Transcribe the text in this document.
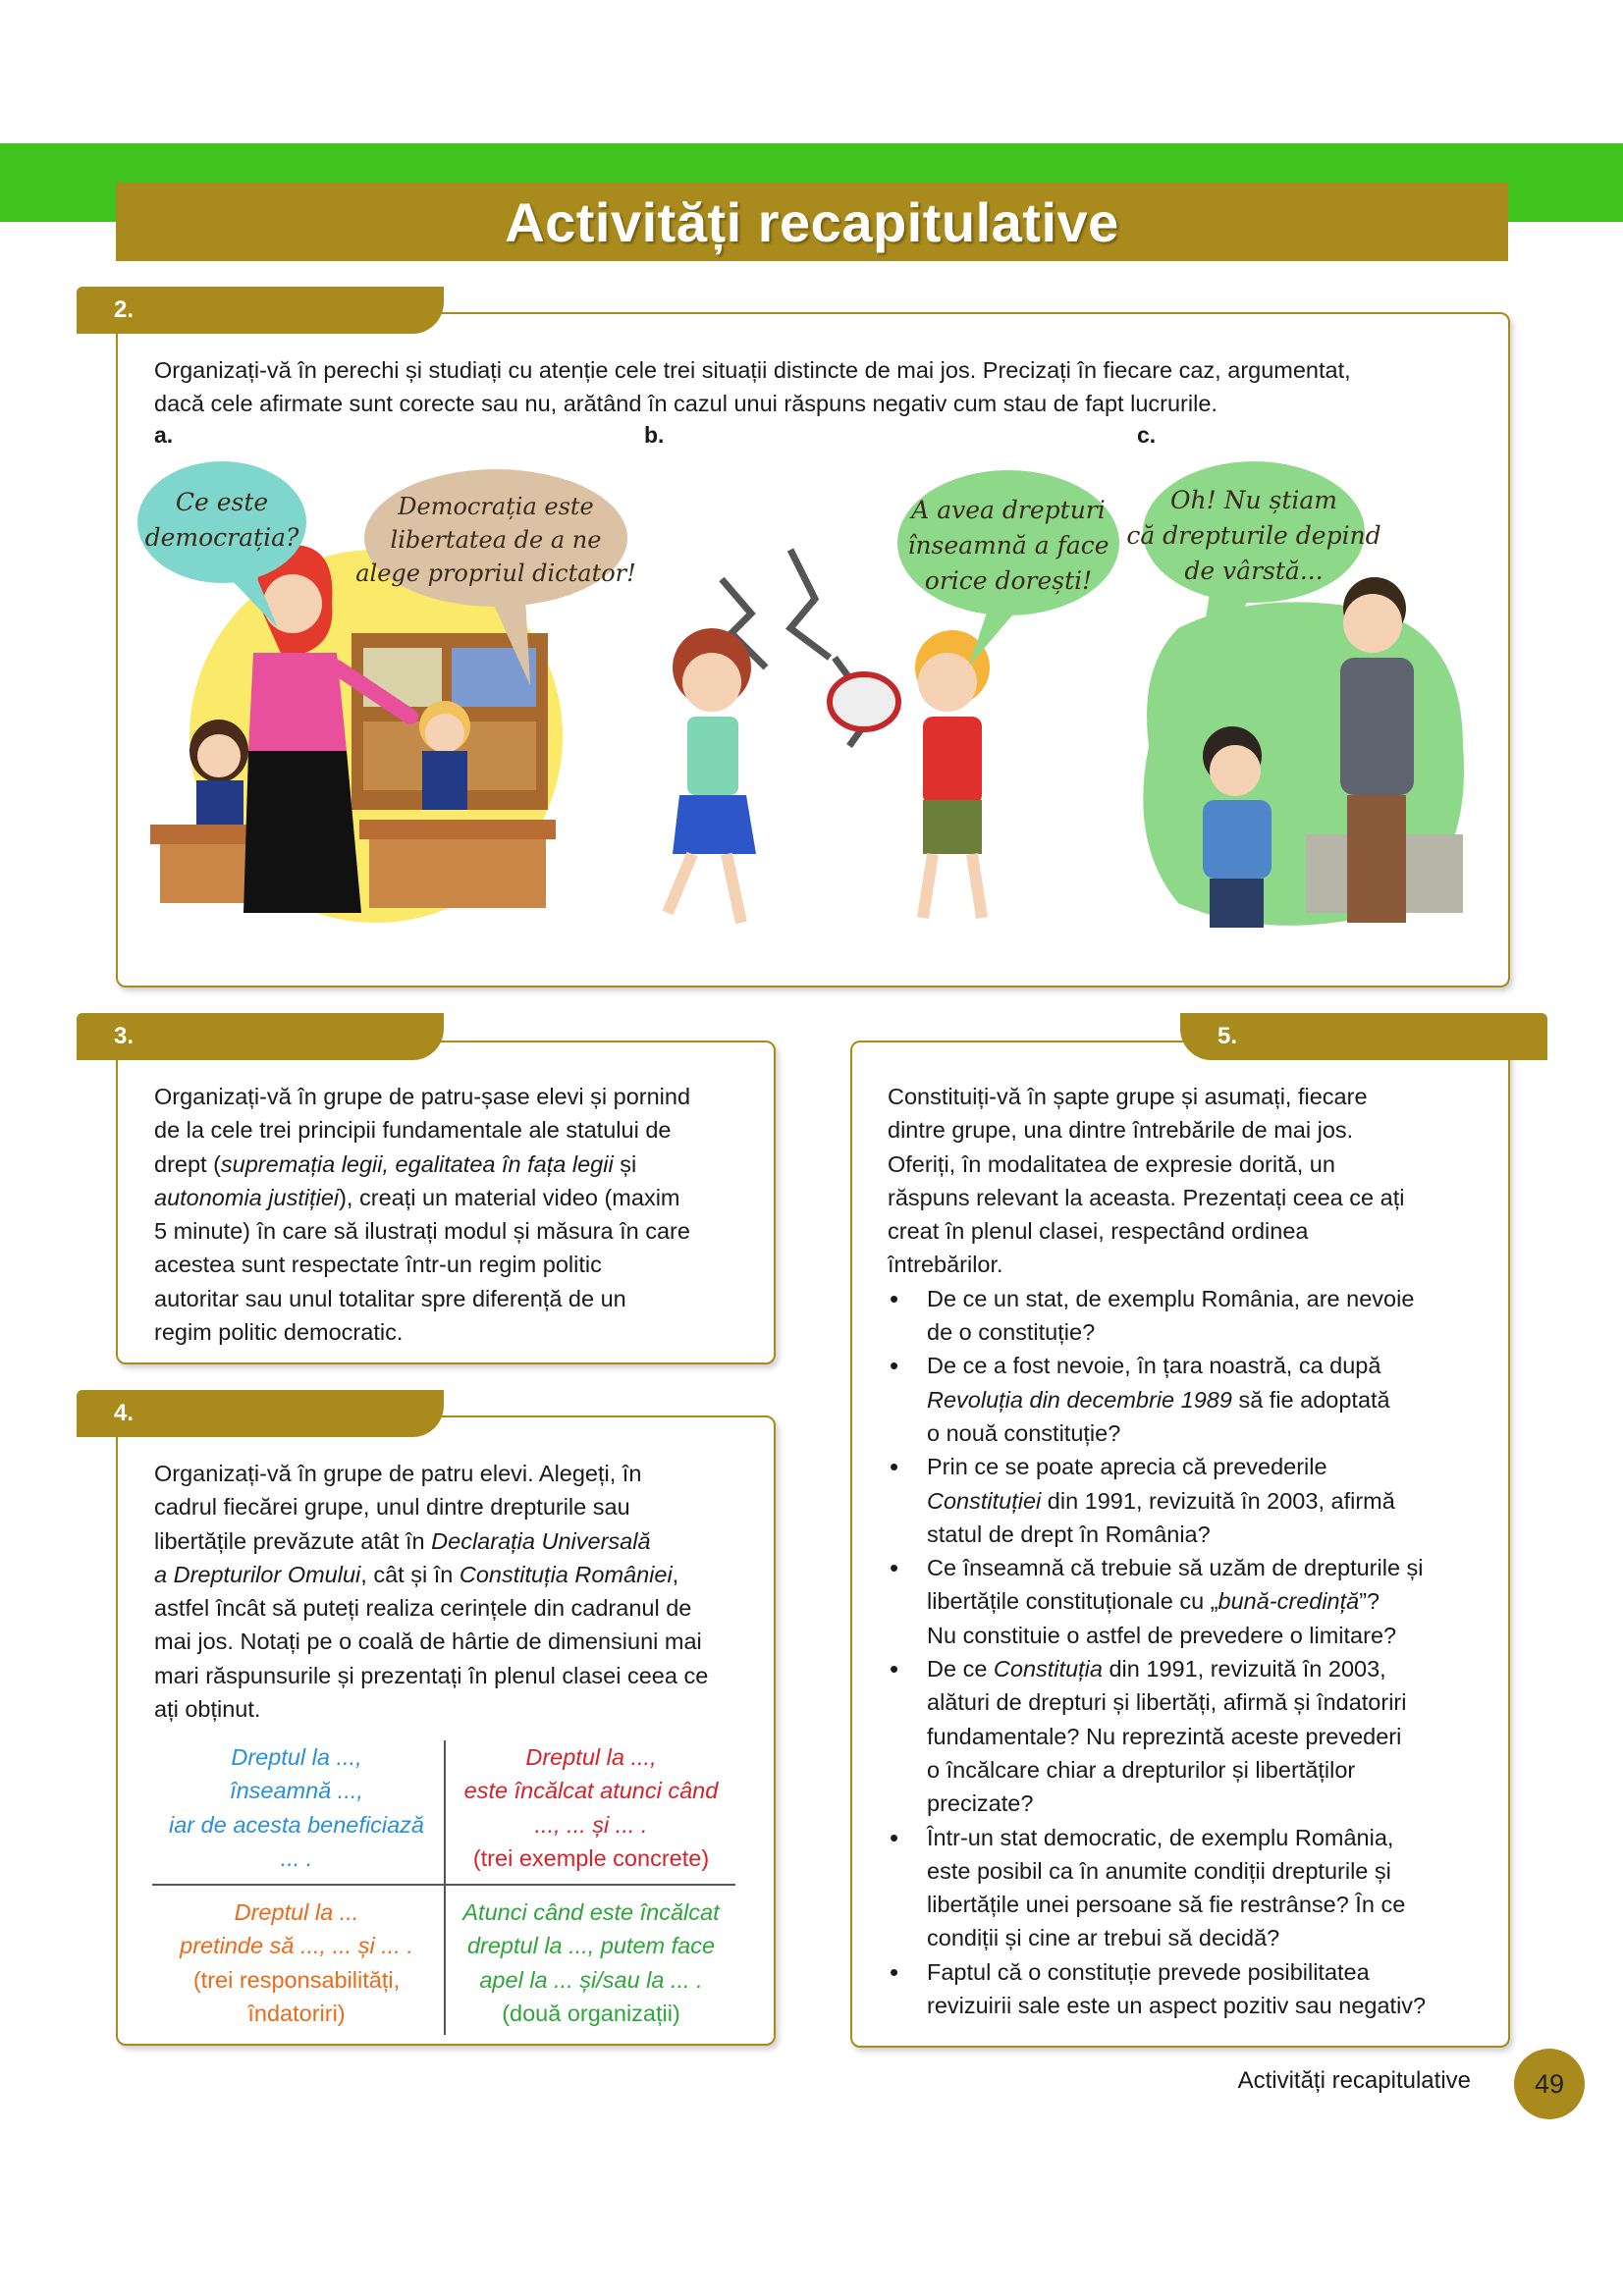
Activități recapitulative
2.

Organizați-vă în perechi și studiați cu atenție cele trei situații distincte de mai jos. Precizați în fiecare caz, argumentat,

dacă cele afirmate sunt corecte sau nu, arătând în cazul unui răspuns negativ cum stau de fapt lucrurile.

a.	b.	c.
Ce este
democrația?
Democrația este
libertatea de a ne
alege propriul dictator!
A avea drepturi
înseamnă a face
orice dorești!
Oh! Nu știam
că drepturile depind
de vârstă...
3.

Organizați-vă în grupe de patru-șase elevi și pornind

de la cele trei principii fundamentale ale statului de

drept (supremația legii, egalitatea în fața legii și

autonomia justiției), creați un material video (maxim

5 minute) în care să ilustrați modul și măsura în care

acestea sunt respectate într-un regim politic

autoritar sau unul totalitar spre diferență de un

regim politic democratic.

4.

Organizați-vă în grupe de patru elevi. Alegeți, în

cadrul fiecărei grupe, unul dintre drepturile sau

libertățile prevăzute atât în Declarația Universală

a Drepturilor Omului, cât și în Constituția României,

astfel încât să puteți realiza cerințele din cadranul de

mai jos. Notați pe o coală de hârtie de dimensiuni mai

mari răspunsurile și prezentați în plenul clasei ceea ce

ați obținut.

Dreptul la ...,
înseamnă ...,
iar de acesta beneficiază
... .
Dreptul la ...,
este încălcat atunci când
..., ... și ... .
(trei exemple concrete)
Dreptul la ...
pretinde să ..., ... și ... .
(trei responsabilități,
îndatoriri)
Atunci când este încălcat
dreptul la ..., putem face
apel la ... și/sau la ... .
(două organizații)
5.

Constituiți-vă în șapte grupe și asumați, fiecare

dintre grupe, una dintre întrebările de mai jos.

Oferiți, în modalitatea de expresie dorită, un

răspuns relevant la aceasta. Prezentați ceea ce ați

creat în plenul clasei, respectând ordinea

întrebărilor.

• De ce un stat, de exemplu România, are nevoie

de o constituție?

• De ce a fost nevoie, în țara noastră, ca după

Revoluția din decembrie 1989 să fie adoptată

o nouă constituție?

• Prin ce se poate aprecia că prevederile

Constituției din 1991, revizuită în 2003, afirmă

statul de drept în România?

• Ce înseamnă că trebuie să uzăm de drepturile și

libertățile constituționale cu „bună-credință”?

Nu constituie o astfel de prevedere o limitare?

• De ce Constituția din 1991, revizuită în 2003,

alături de drepturi și libertăți, afirmă și îndatoriri

fundamentale? Nu reprezintă aceste prevederi

o încălcare chiar a drepturilor și libertăților

precizate?

• Într-un stat democratic, de exemplu România,

este posibil ca în anumite condiții drepturile și

libertățile unei persoane să fie restrânse? În ce

condiții și cine ar trebui să decidă?

• Faptul că o constituție prevede posibilitatea

revizuirii sale este un aspect pozitiv sau negativ?

Activități recapitulative 49
